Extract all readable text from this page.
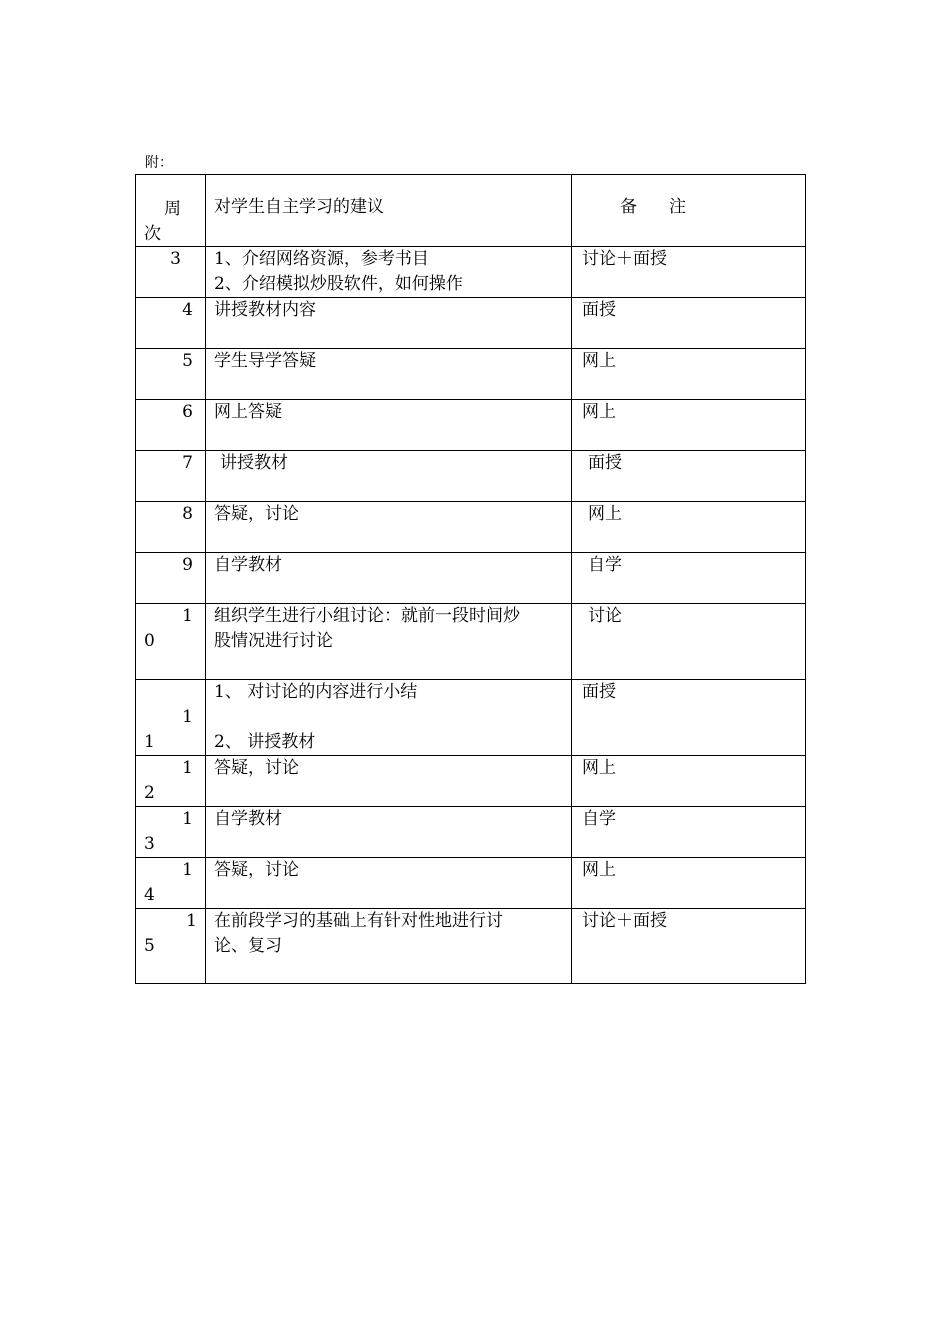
附：
周
次	对学生自主学习的建议	备 注

3	1、介绍网络资源，参考书目
2、介绍模拟炒股软件，如何操作	讨论＋面授

4	讲授教材内容	面授

5	学生导学答疑	网上

6	网上答疑	网上

7	讲授教材	面授

8	答疑，讨论	网上

9	自学教材	自学

1
0	组织学生进行小组讨论：就前一段时间炒
股情况进行讨论	讨论

1
1	1、 对讨论的内容进行小结
2、 讲授教材	面授

1
2	答疑，讨论	网上

1
3	自学教材	自学

1
4	答疑，讨论	网上

1
5	在前段学习的基础上有针对性地进行讨
论、复习	讨论＋面授
